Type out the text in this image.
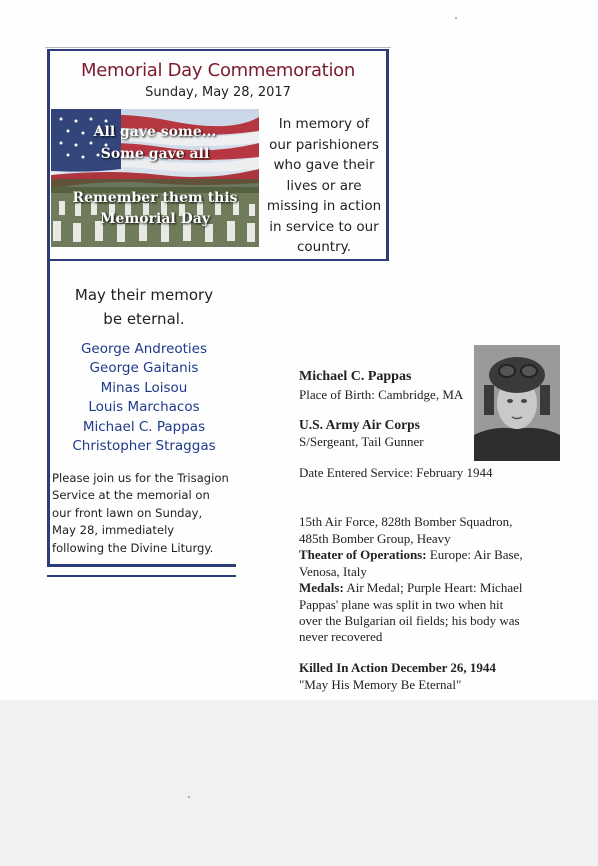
Memorial Day Commemoration
Sunday, May 28, 2017
All gave some...
Some gave all
Remember them this
Memorial Day
In memory of
our parishioners
who gave their
lives or are
missing in action
in service to our
country.
May their memory
be eternal.
George Andreoties
George Gaitanis
Minas Loisou
Louis Marchacos
Michael C. Pappas
Christopher Straggas
Please join us for the Trisagion
Service at the memorial on
our front lawn on Sunday,
May 28, immediately
following the Divine Liturgy.
Michael C. Pappas
Place of Birth: Cambridge, MA
U.S. Army Air Corps
S/Sergeant, Tail Gunner
Date Entered Service: February 1944
15th Air Force, 828th Bomber Squadron,
485th Bomber Group, Heavy
Theater of Operations: Europe: Air Base,
Venosa, Italy
Medals: Air Medal; Purple Heart: Michael
Pappas' plane was split in two when hit
over the Bulgarian oil fields; his body was
never recovered
Killed In Action December 26, 1944
"May His Memory Be Eternal"
